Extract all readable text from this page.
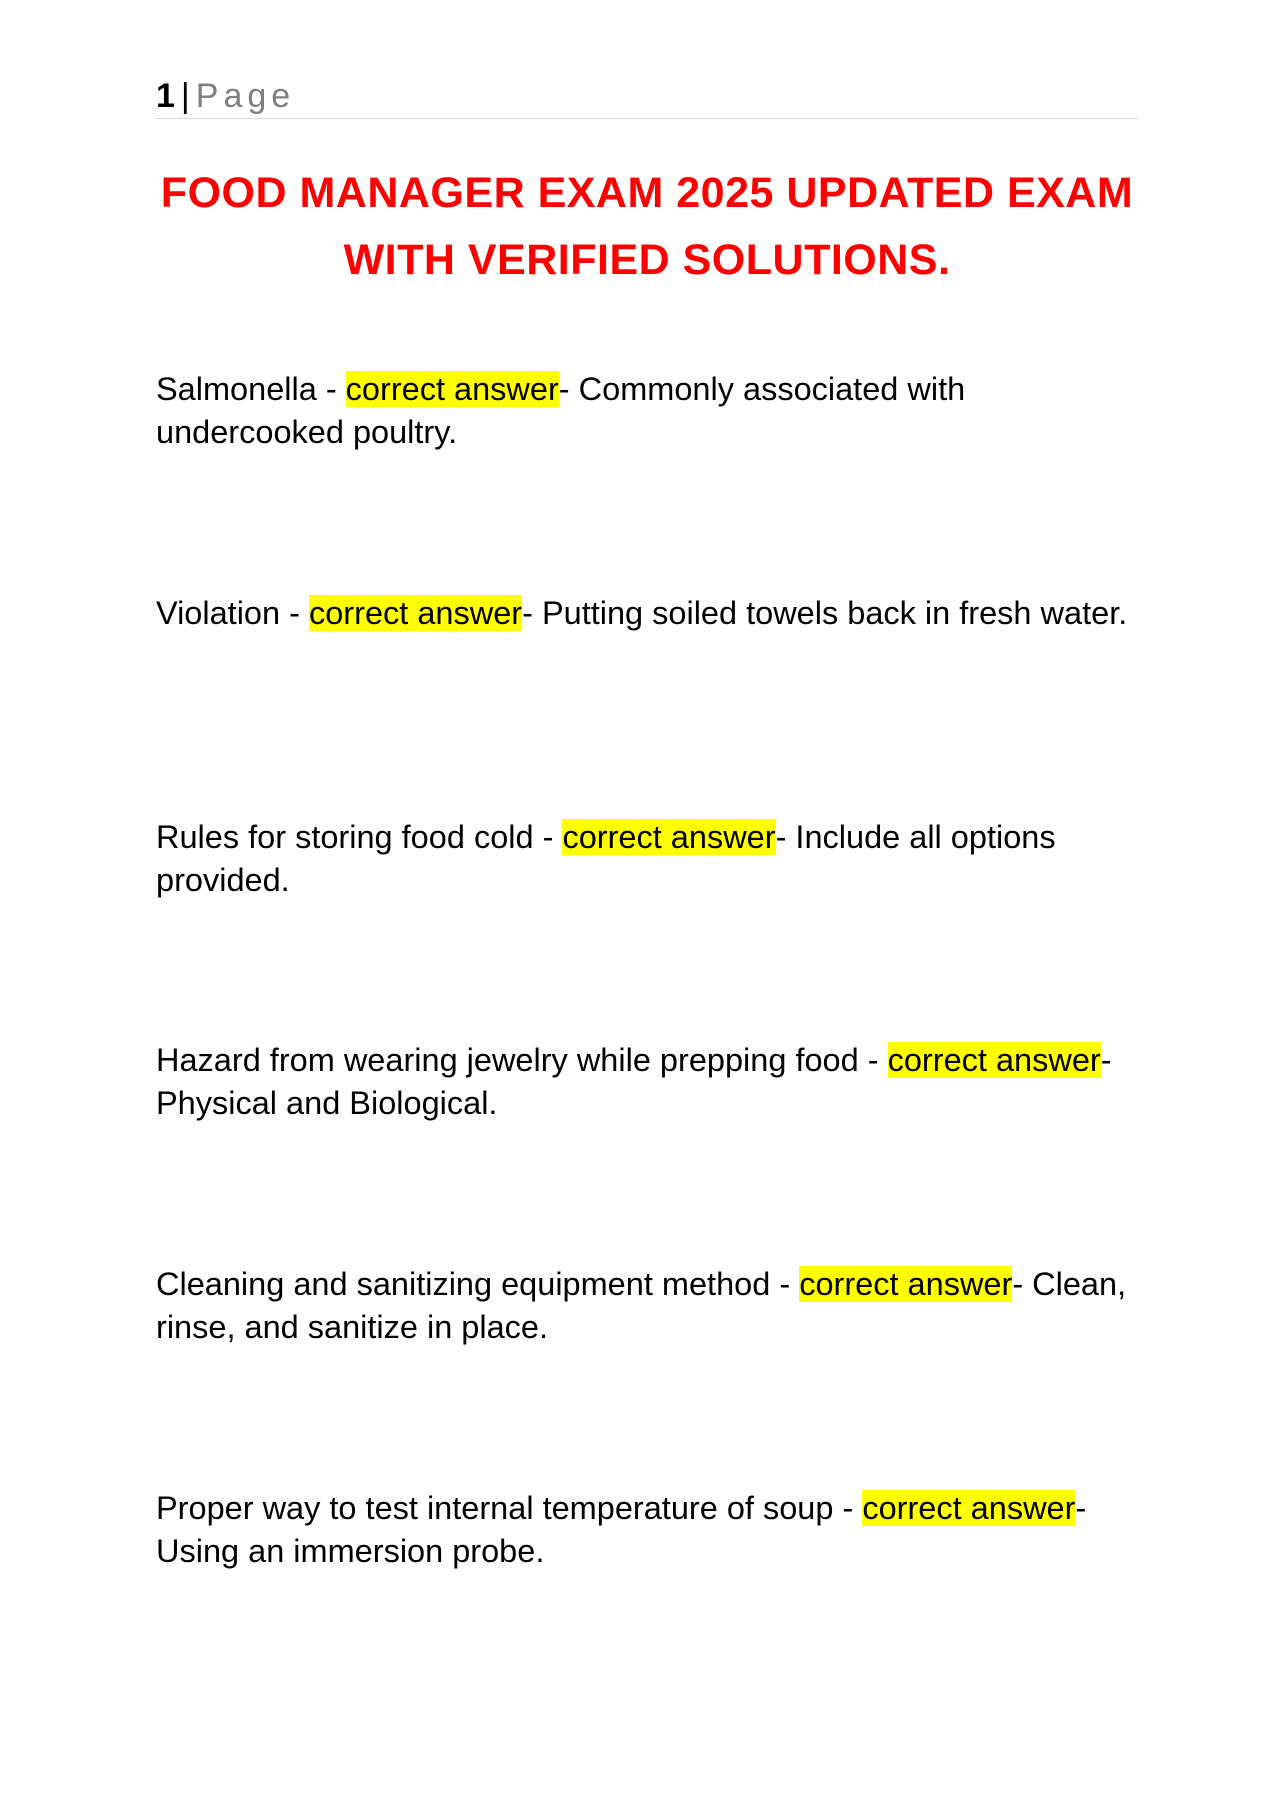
1 | Page
FOOD MANAGER EXAM 2025 UPDATED EXAM WITH VERIFIED SOLUTIONS.

Salmonella - correct answer- Commonly associated with undercooked poultry.

Violation - correct answer- Putting soiled towels back in fresh water.

Rules for storing food cold - correct answer- Include all options provided.

Hazard from wearing jewelry while prepping food - correct answer- Physical and Biological.

Cleaning and sanitizing equipment method - correct answer- Clean, rinse, and sanitize in place.

Proper way to test internal temperature of soup - correct answer- Using an immersion probe.
